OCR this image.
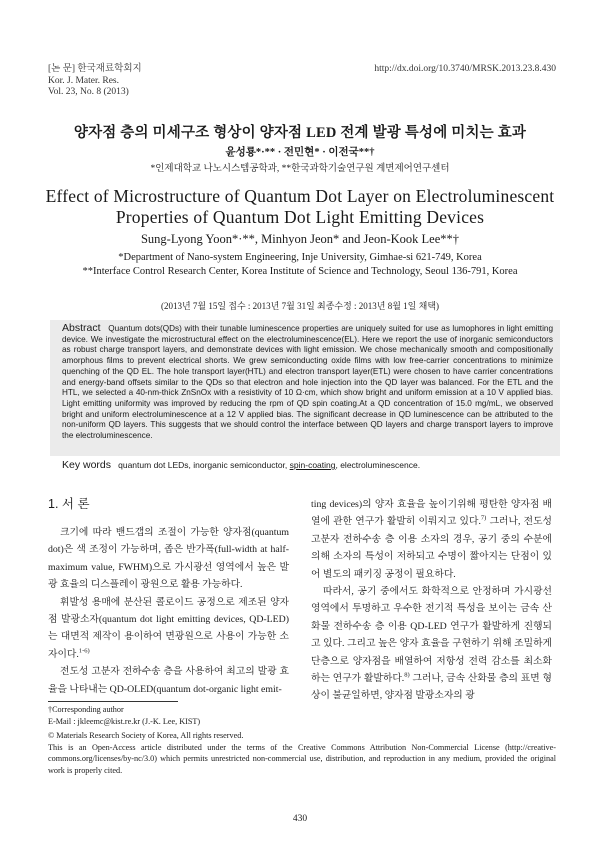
[논 문] 한국재료학회지
Kor. J. Mater. Res.
Vol. 23, No. 8 (2013)
http://dx.doi.org/10.3740/MRSK.2013.23.8.430
양자점 층의 미세구조 형상이 양자점 LED 전계 발광 특성에 미치는 효과
윤성룡*·** · 전민현* · 이전국**†
*인제대학교 나노시스템공학과, **한국과학기술연구원 계면제어연구센터
Effect of Microstructure of Quantum Dot Layer on Electroluminescent
Properties of Quantum Dot Light Emitting Devices
Sung-Lyong Yoon*·**, Minhyon Jeon* and Jeon-Kook Lee**†
*Department of Nano-system Engineering, Inje University, Gimhae-si 621-749, Korea
**Interface Control Research Center, Korea Institute of Science and Technology, Seoul 136-791, Korea
(2013년 7월 15일 접수 : 2013년 7월 31일 최종수정 : 2013년 8월 1일 채택)
Abstract Quantum dots(QDs) with their tunable luminescence properties are uniquely suited for use as lumophores in light emitting device. We investigate the microstructural effect on the electroluminescence(EL). Here we report the use of inorganic semiconductors as robust charge transport layers, and demonstrate devices with light emission. We chose mechanically smooth and compositionally amorphous films to prevent electrical shorts. We grew semiconducting oxide films with low free-carrier concentrations to minimize quenching of the QD EL. The hole transport layer(HTL) and electron transport layer(ETL) were chosen to have carrier concentrations and energy-band offsets similar to the QDs so that electron and hole injection into the QD layer was balanced. For the ETL and the HTL, we selected a 40-nm-thick ZnSnOx with a resistivity of 10 Ω·cm, which show bright and uniform emission at a 10 V applied bias. Light emitting uniformity was improved by reducing the rpm of QD spin coating.At a QD concentration of 15.0 mg/mL, we observed bright and uniform electroluminescence at a 12 V applied bias. The significant decrease in QD luminescence can be attributed to the non-uniform QD layers. This suggests that we should control the interface between QD layers and charge transport layers to improve the electroluminescence.
Key words quantum dot LEDs, inorganic semiconductor, spin-coating, electroluminescence.
1. 서 론

크기에 따라 밴드갭의 조절이 가능한 양자점(quantum dot)은 색 조정이 가능하며, 좁은 반가폭(full-width at half-maximum value, FWHM)으로 가시광선 영역에서 높은 발광 효율의 디스플레이 광원으로 활용 가능하다.

휘발성 용매에 분산된 콜로이드 공정으로 제조된 양자점 발광소자(quantum dot light emitting devices, QD-LED)는 대면적 제작이 용이하여 면광원으로 사용이 가능한 소자이다.$^{1-6)}$

전도성 고분자 전하수송 층을 사용하여 최고의 발광 효율을 나타내는 QD-OLED(quantum dot-organic light emit-

ting devices)의 양자 효율을 높이기위해 평탄한 양자점 배열에 관한 연구가 활발히 이뤄지고 있다.$^{7)}$ 그러나, 전도성 고분자 전하수송 층 이용 소자의 경우, 공기 중의 수분에 의해 소자의 특성이 저하되고 수명이 짧아지는 단점이 있어 별도의 패키징 공정이 필요하다.

따라서, 공기 중에서도 화학적으로 안정하며 가시광선 영역에서 투명하고 우수한 전기적 특성을 보이는 금속 산화물 전하수송 층 이용 QD-LED 연구가 활발하게 진행되고 있다. 그리고 높은 양자 효율을 구현하기 위해 조밀하게 단층으로 양자점을 배열하여 저항성 전력 감소를 최소화하는 연구가 활발하다.$^{8)}$ 그러나, 금속 산화물 층의 표면 형상이 불균일하면, 양자점 발광소자의 광

†Corresponding author
E-Mail : jkleemc@kist.re.kr (J.-K. Lee, KIST)
© Materials Research Society of Korea, All rights reserved.
This is an Open-Access article distributed under the terms of the Creative Commons Attribution Non-Commercial License (http://creative-commons.org/licenses/by-nc/3.0) which permits unrestricted non-commercial use, distribution, and reproduction in any medium, provided the original work is properly cited.
430
